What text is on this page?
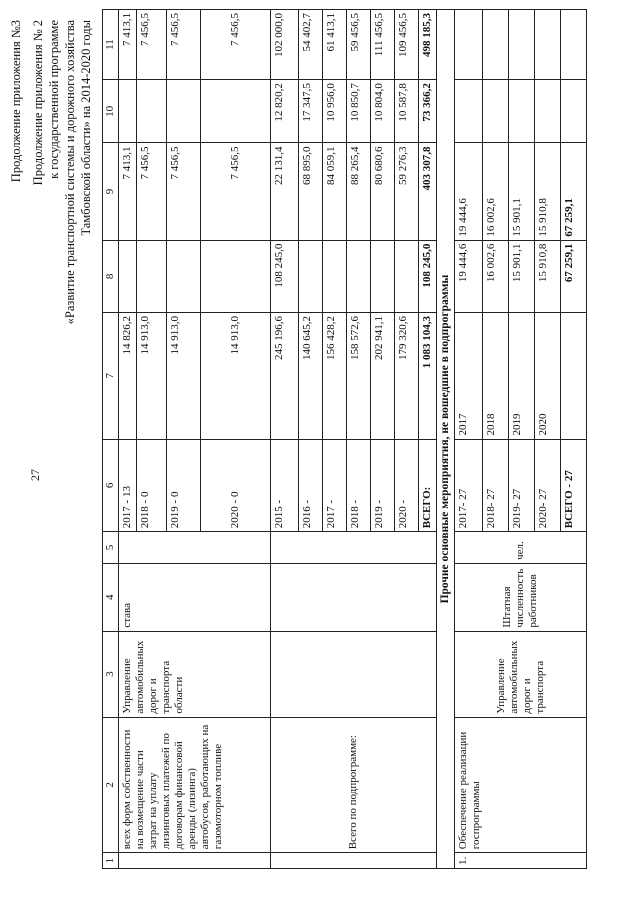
27
Продолжение приложения №3 Продолжение приложения № 2 к государственной программе «Развитие транспортной системы и дорожного хозяйства Тамбовской области» на 2014-2020 годы
1	2	3	4	5	6	7	8	9	10	11
	всех форм собственности на возмещение части затрат на уплату лизинговых платежей по договорам финансовой аренды (лизинга) автобусов, работающих на газомоторном топливе	Управление автомобильных дорог и транспорта области	става		2017 - 13	14 826,2		7 413,1		7 413,1
					2018 - 0	14 913,0		7 456,5		7 456,5
					2019 - 0	14 913,0		7 456,5		7 456,5
					2020 - 0	14 913,0		7 456,5		7 456,5
	Всего по подпрограмме:				2015 -	245 196,6	108 245,0	22 131,4	12 820,2	102 000,0
					2016 -	140 645,2		68 895,0	17 347,5	54 402,7
					2017 -	156 428,2		84 059,1	10 956,0	61 413,1
					2018 -	158 572,6		88 265,4	10 850,7	59 456,5
					2019 -	202 941,1		80 680,6	10 804,0	111 456,5
					2020 -	179 320,6		59 276,3	10 587,8	109 456,5
					ВСЕГО:	1 083 104,3	108 245,0	403 307,8	73 366,2	498 185,3
Прочие основные мероприятия, не вошедшие в подпрограммы										
1.	Обеспечение реализации госпрограммы	Управление автомобильных дорог и транспорта	Штатная численность работников	чел.	2017- 27	2017	19 444,6	19 444,6		
					2018- 27	2018	16 002,6	16 002,6		
					2019- 27	2019	15 901,1	15 901,1		
					2020- 27	2020	15 910,8	15 910,8		
					ВСЕГО - 27		67 259,1	67 259,1		
